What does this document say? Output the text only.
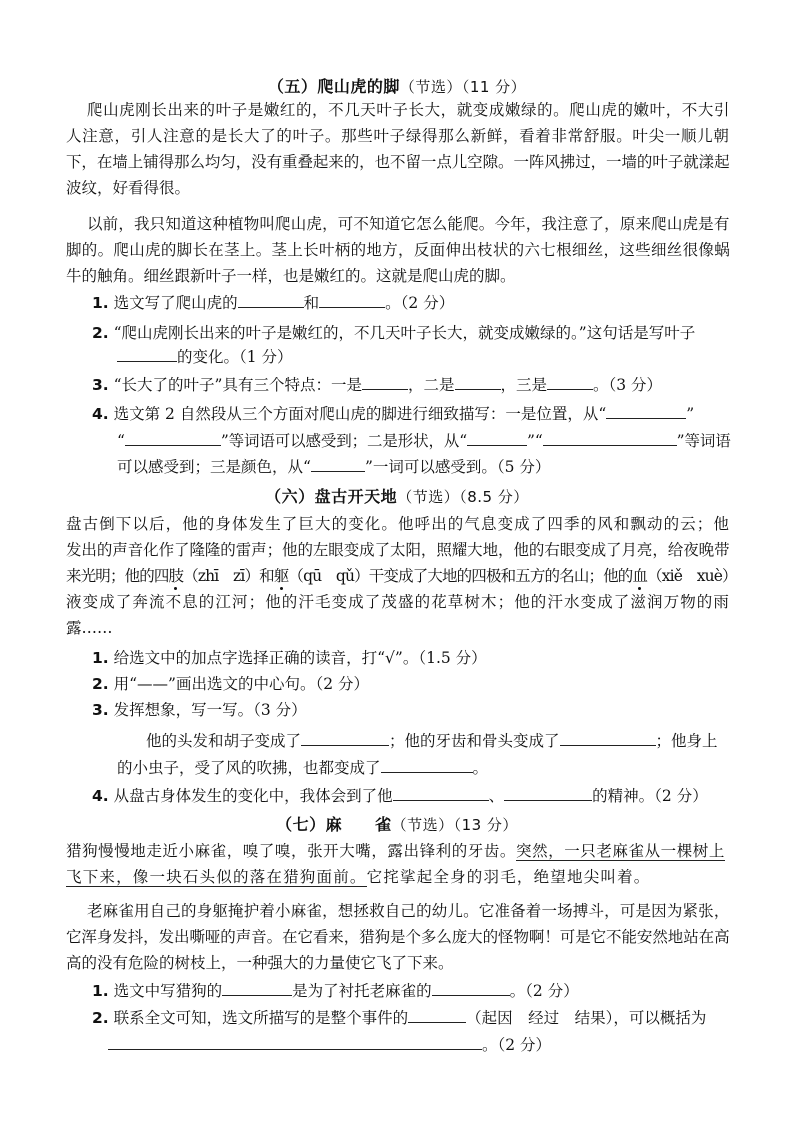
（五）爬山虎的脚（节选）（11 分）
爬山虎刚长出来的叶子是嫩红的，不几天叶子长大，就变成嫩绿的。爬山虎的嫩叶，不大引
人注意，引人注意的是长大了的叶子。那些叶子绿得那么新鲜，看着非常舒服。叶尖一顺儿朝
下，在墙上铺得那么均匀，没有重叠起来的，也不留一点儿空隙。一阵风拂过，一墙的叶子就漾起
波纹，好看得很。
以前，我只知道这种植物叫爬山虎，可不知道它怎么能爬。今年，我注意了，原来爬山虎是有
脚的。爬山虎的脚长在茎上。茎上长叶柄的地方，反面伸出枝状的六七根细丝，这些细丝很像蜗
牛的触角。细丝跟新叶子一样，也是嫩红的。这就是爬山虎的脚。
1. 选文写了爬山虎的	和	。（2 分）
2. “爬山虎刚长出来的叶子是嫩红的，不几天叶子长大，就变成嫩绿的。”这句话是写叶子
的变化。（1 分）
3. “长大了的叶子”具有三个特点：一是	，二是	，三是	。（3 分）
4. 选文第 2 自然段从三个方面对爬山虎的脚进行细致描写：一是位置，从“	”
“	”等词语可以感受到；二是形状，从“	”“	”等词语
可以感受到；三是颜色，从“	”一词可以感受到。（5 分）
（六）盘古开天地（节选）（8.5 分）
盘古倒下以后，他的身体发生了巨大的变化。他呼出的气息变成了四季的风和飘动的云；他
发出的声音化作了隆隆的雷声；他的左眼变成了太阳，照耀大地，他的右眼变成了月亮，给夜晚带
来光明；他的四肢（zhī　zī）和躯（qū　qǔ）干变成了大地的四极和五方的名山；他的血（xiě　xuè）
液变成了奔流不息的江河；他的汗毛变成了茂盛的花草树木；他的汗水变成了滋润万物的雨
露……
1. 给选文中的加点字选择正确的读音，打“√”。（1.5 分）
2. 用“——”画出选文的中心句。（2 分）
3. 发挥想象，写一写。（3 分）
他的头发和胡子变成了	；他的牙齿和骨头变成了	；他身上
的小虫子，受了风的吹拂，也都变成了	。
4. 从盘古身体发生的变化中，我体会到了他	、	的精神。（2 分）
（七）麻　　雀（节选）（13 分）
猎狗慢慢地走近小麻雀，嗅了嗅，张开大嘴，露出锋利的牙齿。突然，一只老麻雀从一棵树上
飞下来，像一块石头似的落在猎狗面前。它挓挲起全身的羽毛，绝望地尖叫着。
老麻雀用自己的身躯掩护着小麻雀，想拯救自己的幼儿。它准备着一场搏斗，可是因为紧张，
它浑身发抖，发出嘶哑的声音。在它看来，猎狗是个多么庞大的怪物啊！可是它不能安然地站在高
高的没有危险的树枝上，一种强大的力量使它飞了下来。
1. 选文中写猎狗的	是为了衬托老麻雀的	。（2 分）
2. 联系全文可知，选文所描写的是整个事件的	（起因　经过　结果），可以概括为
。（2 分）
